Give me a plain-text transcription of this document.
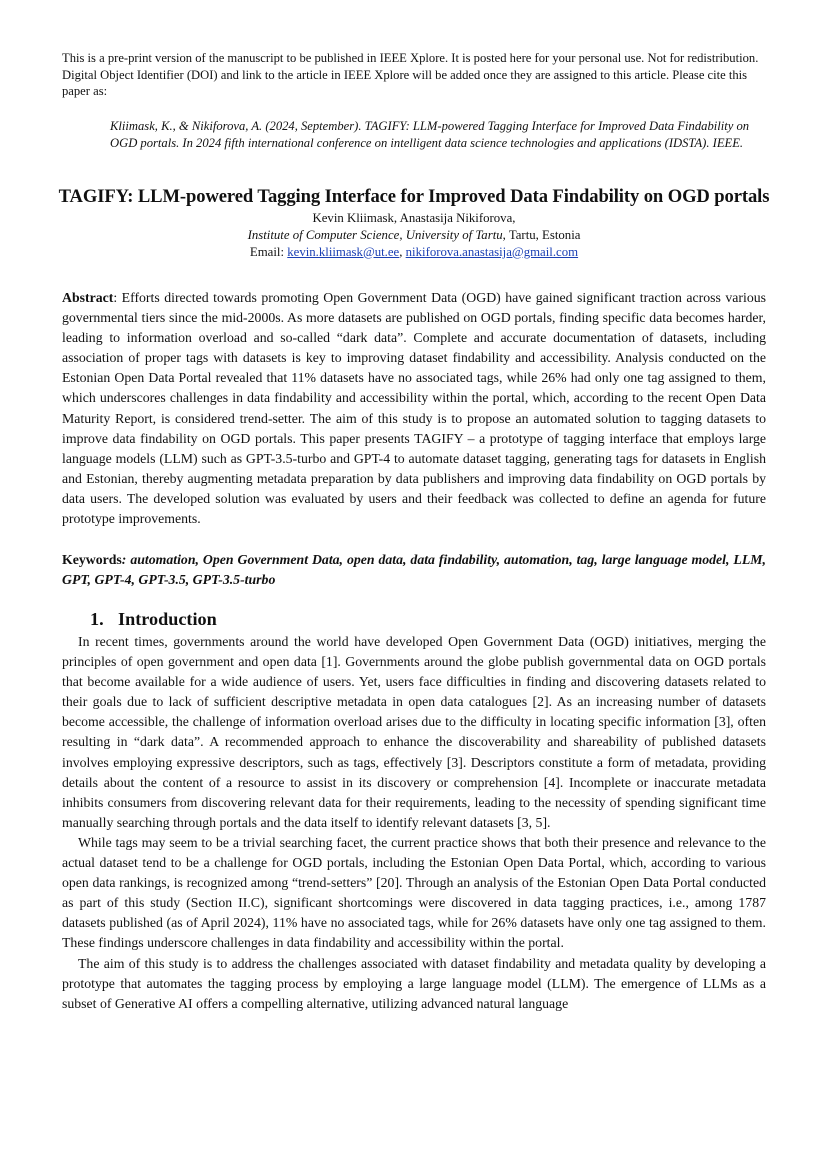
This is a pre-print version of the manuscript to be published in IEEE Xplore. It is posted here for your personal use. Not for redistribution. Digital Object Identifier (DOI) and link to the article in IEEE Xplore will be added once they are assigned to this article. Please cite this paper as:
Kliimask, K., & Nikiforova, A. (2024, September). TAGIFY: LLM-powered Tagging Interface for Improved Data Findability on OGD portals. In 2024 fifth international conference on intelligent data science technologies and applications (IDSTA). IEEE.
TAGIFY: LLM-powered Tagging Interface for Improved Data Findability on OGD portals
Kevin Kliimask, Anastasija Nikiforova,
Institute of Computer Science, University of Tartu, Tartu, Estonia
Email: kevin.kliimask@ut.ee, nikiforova.anastasija@gmail.com
Abstract: Efforts directed towards promoting Open Government Data (OGD) have gained significant traction across various governmental tiers since the mid-2000s. As more datasets are published on OGD portals, finding specific data becomes harder, leading to information overload and so-called “dark data”. Complete and accurate documentation of datasets, including association of proper tags with datasets is key to improving dataset findability and accessibility. Analysis conducted on the Estonian Open Data Portal revealed that 11% datasets have no associated tags, while 26% had only one tag assigned to them, which underscores challenges in data findability and accessibility within the portal, which, according to the recent Open Data Maturity Report, is considered trend-setter. The aim of this study is to propose an automated solution to tagging datasets to improve data findability on OGD portals. This paper presents TAGIFY – a prototype of tagging interface that employs large language models (LLM) such as GPT-3.5-turbo and GPT-4 to automate dataset tagging, generating tags for datasets in English and Estonian, thereby augmenting metadata preparation by data publishers and improving data findability on OGD portals by data users. The developed solution was evaluated by users and their feedback was collected to define an agenda for future prototype improvements.
Keywords: automation, Open Government Data, open data, data findability, automation, tag, large language model, LLM, GPT, GPT-4, GPT-3.5, GPT-3.5-turbo
1. Introduction

In recent times, governments around the world have developed Open Government Data (OGD) initiatives, merging the principles of open government and open data [1]. Governments around the globe publish governmental data on OGD portals that become available for a wide audience of users. Yet, users face difficulties in finding and discovering datasets related to their goals due to lack of sufficient descriptive metadata in open data catalogues [2]. As an increasing number of datasets become accessible, the challenge of information overload arises due to the difficulty in locating specific information [3], often resulting in “dark data”. A recommended approach to enhance the discoverability and shareability of published datasets involves employing expressive descriptors, such as tags, effectively [3]. Descriptors constitute a form of metadata, providing details about the content of a resource to assist in its discovery or comprehension [4]. Incomplete or inaccurate metadata inhibits consumers from discovering relevant data for their requirements, leading to the necessity of spending significant time manually searching through portals and the data itself to identify relevant datasets [3, 5].

While tags may seem to be a trivial searching facet, the current practice shows that both their presence and relevance to the actual dataset tend to be a challenge for OGD portals, including the Estonian Open Data Portal, which, according to various open data rankings, is recognized among “trend-setters” [20]. Through an analysis of the Estonian Open Data Portal conducted as part of this study (Section II.C), significant shortcomings were discovered in data tagging practices, i.e., among 1787 datasets published (as of April 2024), 11% have no associated tags, while for 26% datasets have only one tag assigned to them. These findings underscore challenges in data findability and accessibility within the portal.

The aim of this study is to address the challenges associated with dataset findability and metadata quality by developing a prototype that automates the tagging process by employing a large language model (LLM). The emergence of LLMs as a subset of Generative AI offers a compelling alternative, utilizing advanced natural language
